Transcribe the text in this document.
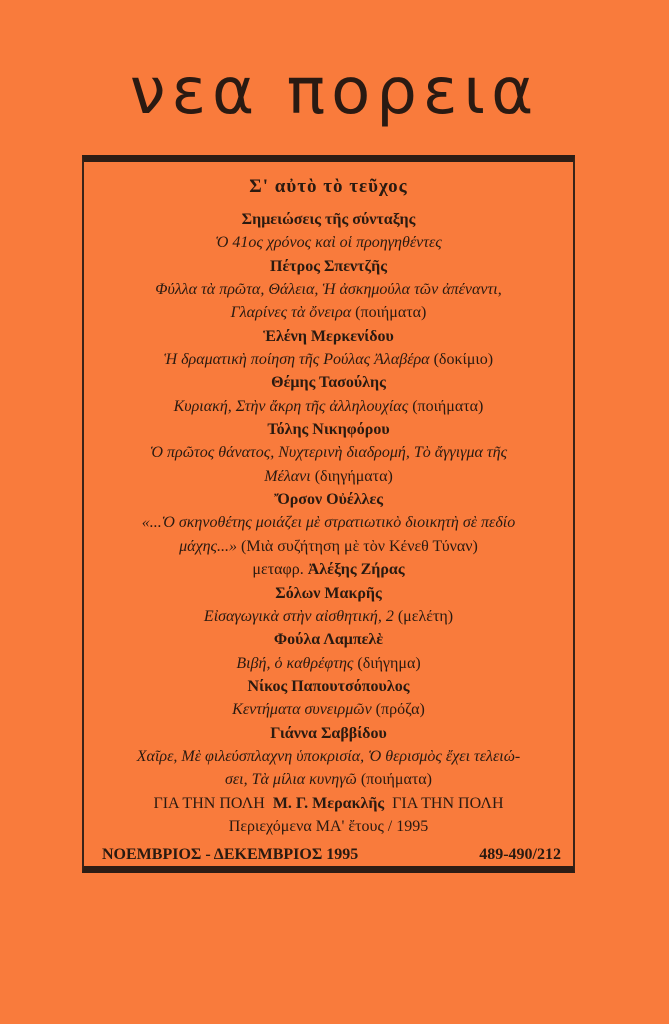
νεα πορεια
Σ' αὐτὸ τὸ τεῦχος
Σημειώσεις τῆς σύνταξης
Ὁ 41ος χρόνος καὶ οἱ προηγηθέντες
Πέτρος Σπεντζῆς
Φύλλα τὰ πρῶτα, Θάλεια, Ἡ ἀσκημούλα τῶν ἀπέναντι,
Γλαρίνες τὰ ὄνειρα (ποιήματα)
Ἑλένη Μερκενίδου
Ἡ δραματικὴ ποίηση τῆς Ρούλας Ἀλαβέρα (δοκίμιο)
Θέμης Τασούλης
Κυριακή, Στὴν ἄκρη τῆς ἀλληλουχίας (ποιήματα)
Τόλης Νικηφόρου
Ὁ πρῶτος θάνατος, Νυχτερινὴ διαδρομή, Τὸ ἄγγιγμα τῆς
Μέλανι (διηγήματα)
Ὄρσον Οὐέλλες
«...Ὁ σκηνοθέτης μοιάζει μὲ στρατιωτικὸ διοικητὴ σὲ πεδίο
μάχης...» (Μιὰ συζήτηση μὲ τὸν Κένεθ Τύναν)
μεταφρ. Ἀλέξης Ζήρας
Σόλων Μακρῆς
Εἰσαγωγικὰ στὴν αἰσθητική, 2 (μελέτη)
Φούλα Λαμπελὲ
Βιβή, ὁ καθρέφτης (διήγημα)
Νίκος Παπουτσόπουλος
Κεντήματα συνειρμῶν (πρόζα)
Γιάννα Σαββίδου
Χαῖρε, Μὲ φιλεύσπλαχνη ὑποκρισία, Ὁ θερισμὸς ἔχει τελειώ-
σει, Τὰ μίλια κυνηγῶ (ποιήματα)
ΓΙΑ ΤΗΝ ΠΟΛΗ  Μ. Γ. Μερακλῆς  ΓΙΑ ΤΗΝ ΠΟΛΗ
Περιεχόμενα ΜΑ' ἔτους / 1995
ΝΟΕΜΒΡΙΟΣ - ΔΕΚΕΜΒΡΙΟΣ 1995	489-490/212
